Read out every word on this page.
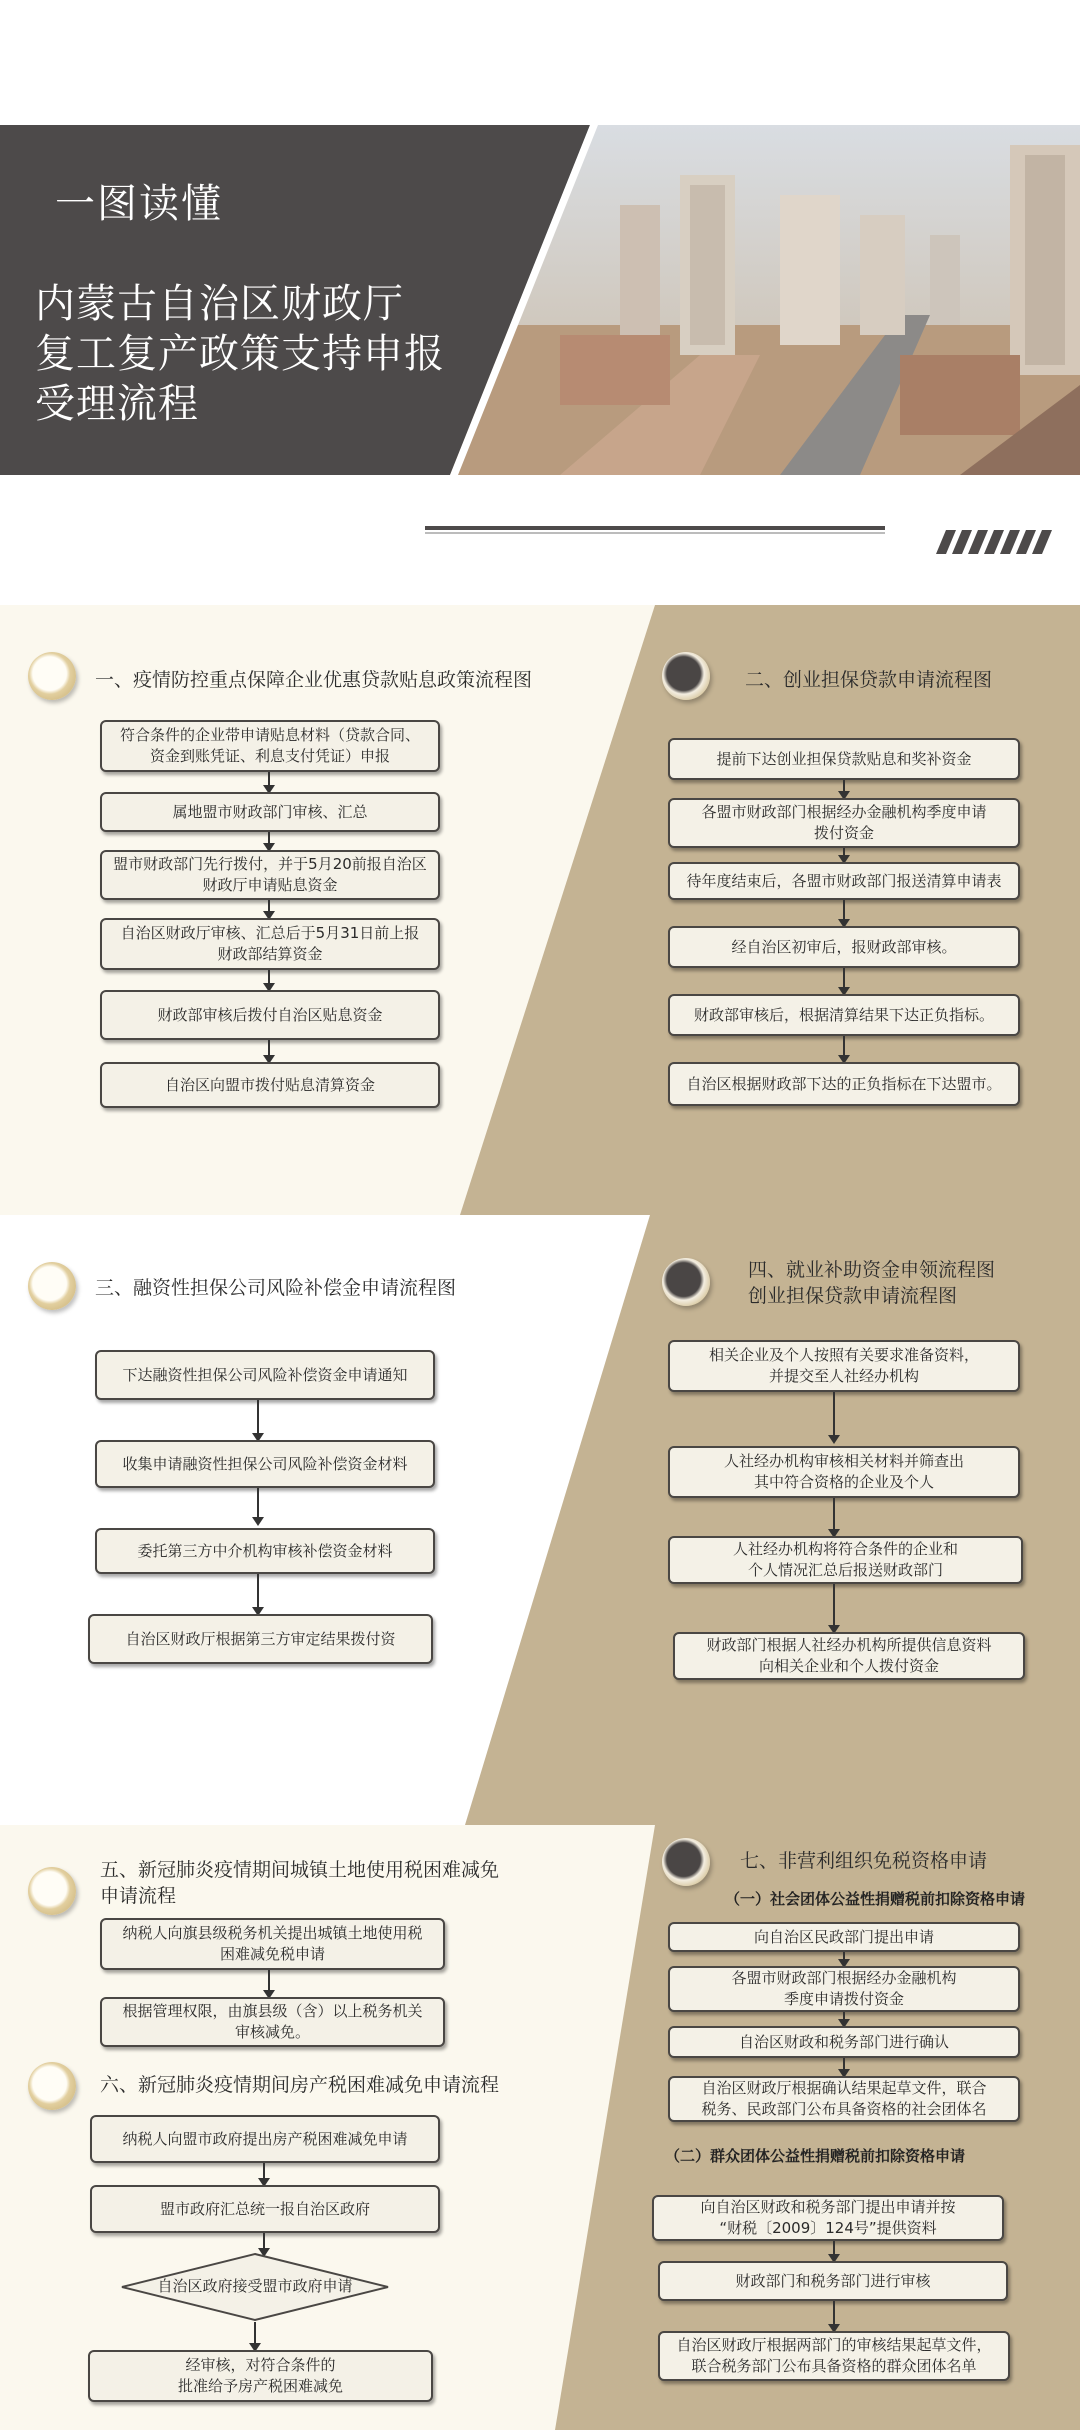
一图读懂
内蒙古自治区财政厅
复工复产政策支持申报
受理流程
一、疫情防控重点保障企业优惠贷款贴息政策流程图
符合条件的企业带申请贴息材料（贷款合同、
资金到账凭证、利息支付凭证）申报
属地盟市财政部门审核、汇总
盟市财政部门先行拨付，并于5月20前报自治区
财政厅申请贴息资金
自治区财政厅审核、汇总后于5月31日前上报
财政部结算资金
财政部审核后拨付自治区贴息资金
自治区向盟市拨付贴息清算资金
二、创业担保贷款申请流程图
提前下达创业担保贷款贴息和奖补资金
各盟市财政部门根据经办金融机构季度申请
拨付资金
待年度结束后，各盟市财政部门报送清算申请表
经自治区初审后，报财政部审核。
财政部审核后，根据清算结果下达正负指标。
自治区根据财政部下达的正负指标在下达盟市。
三、融资性担保公司风险补偿金申请流程图
下达融资性担保公司风险补偿资金申请通知
收集申请融资性担保公司风险补偿资金材料
委托第三方中介机构审核补偿资金材料
自治区财政厅根据第三方审定结果拨付资
四、就业补助资金申领流程图
创业担保贷款申请流程图
相关企业及个人按照有关要求准备资料，
并提交至人社经办机构
人社经办机构审核相关材料并筛查出
其中符合资格的企业及个人
人社经办机构将符合条件的企业和
个人情况汇总后报送财政部门
财政部门根据人社经办机构所提供信息资料
向相关企业和个人拨付资金
五、新冠肺炎疫情期间城镇土地使用税困难减免
申请流程
纳税人向旗县级税务机关提出城镇土地使用税
困难减免税申请
根据管理权限，由旗县级（含）以上税务机关
审核减免。
六、新冠肺炎疫情期间房产税困难减免申请流程
纳税人向盟市政府提出房产税困难减免申请
盟市政府汇总统一报自治区政府
自治区政府接受盟市政府申请
经审核，对符合条件的
批准给予房产税困难减免
七、非营利组织免税资格申请
（一）社会团体公益性捐赠税前扣除资格申请
向自治区民政部门提出申请
各盟市财政部门根据经办金融机构
季度申请拨付资金
自治区财政和税务部门进行确认
自治区财政厅根据确认结果起草文件，联合
税务、民政部门公布具备资格的社会团体名
（二）群众团体公益性捐赠税前扣除资格申请
向自治区财政和税务部门提出申请并按
“财税〔2009〕124号”提供资料
财政部门和税务部门进行审核
自治区财政厅根据两部门的审核结果起草文件，
联合税务部门公布具备资格的群众团体名单
